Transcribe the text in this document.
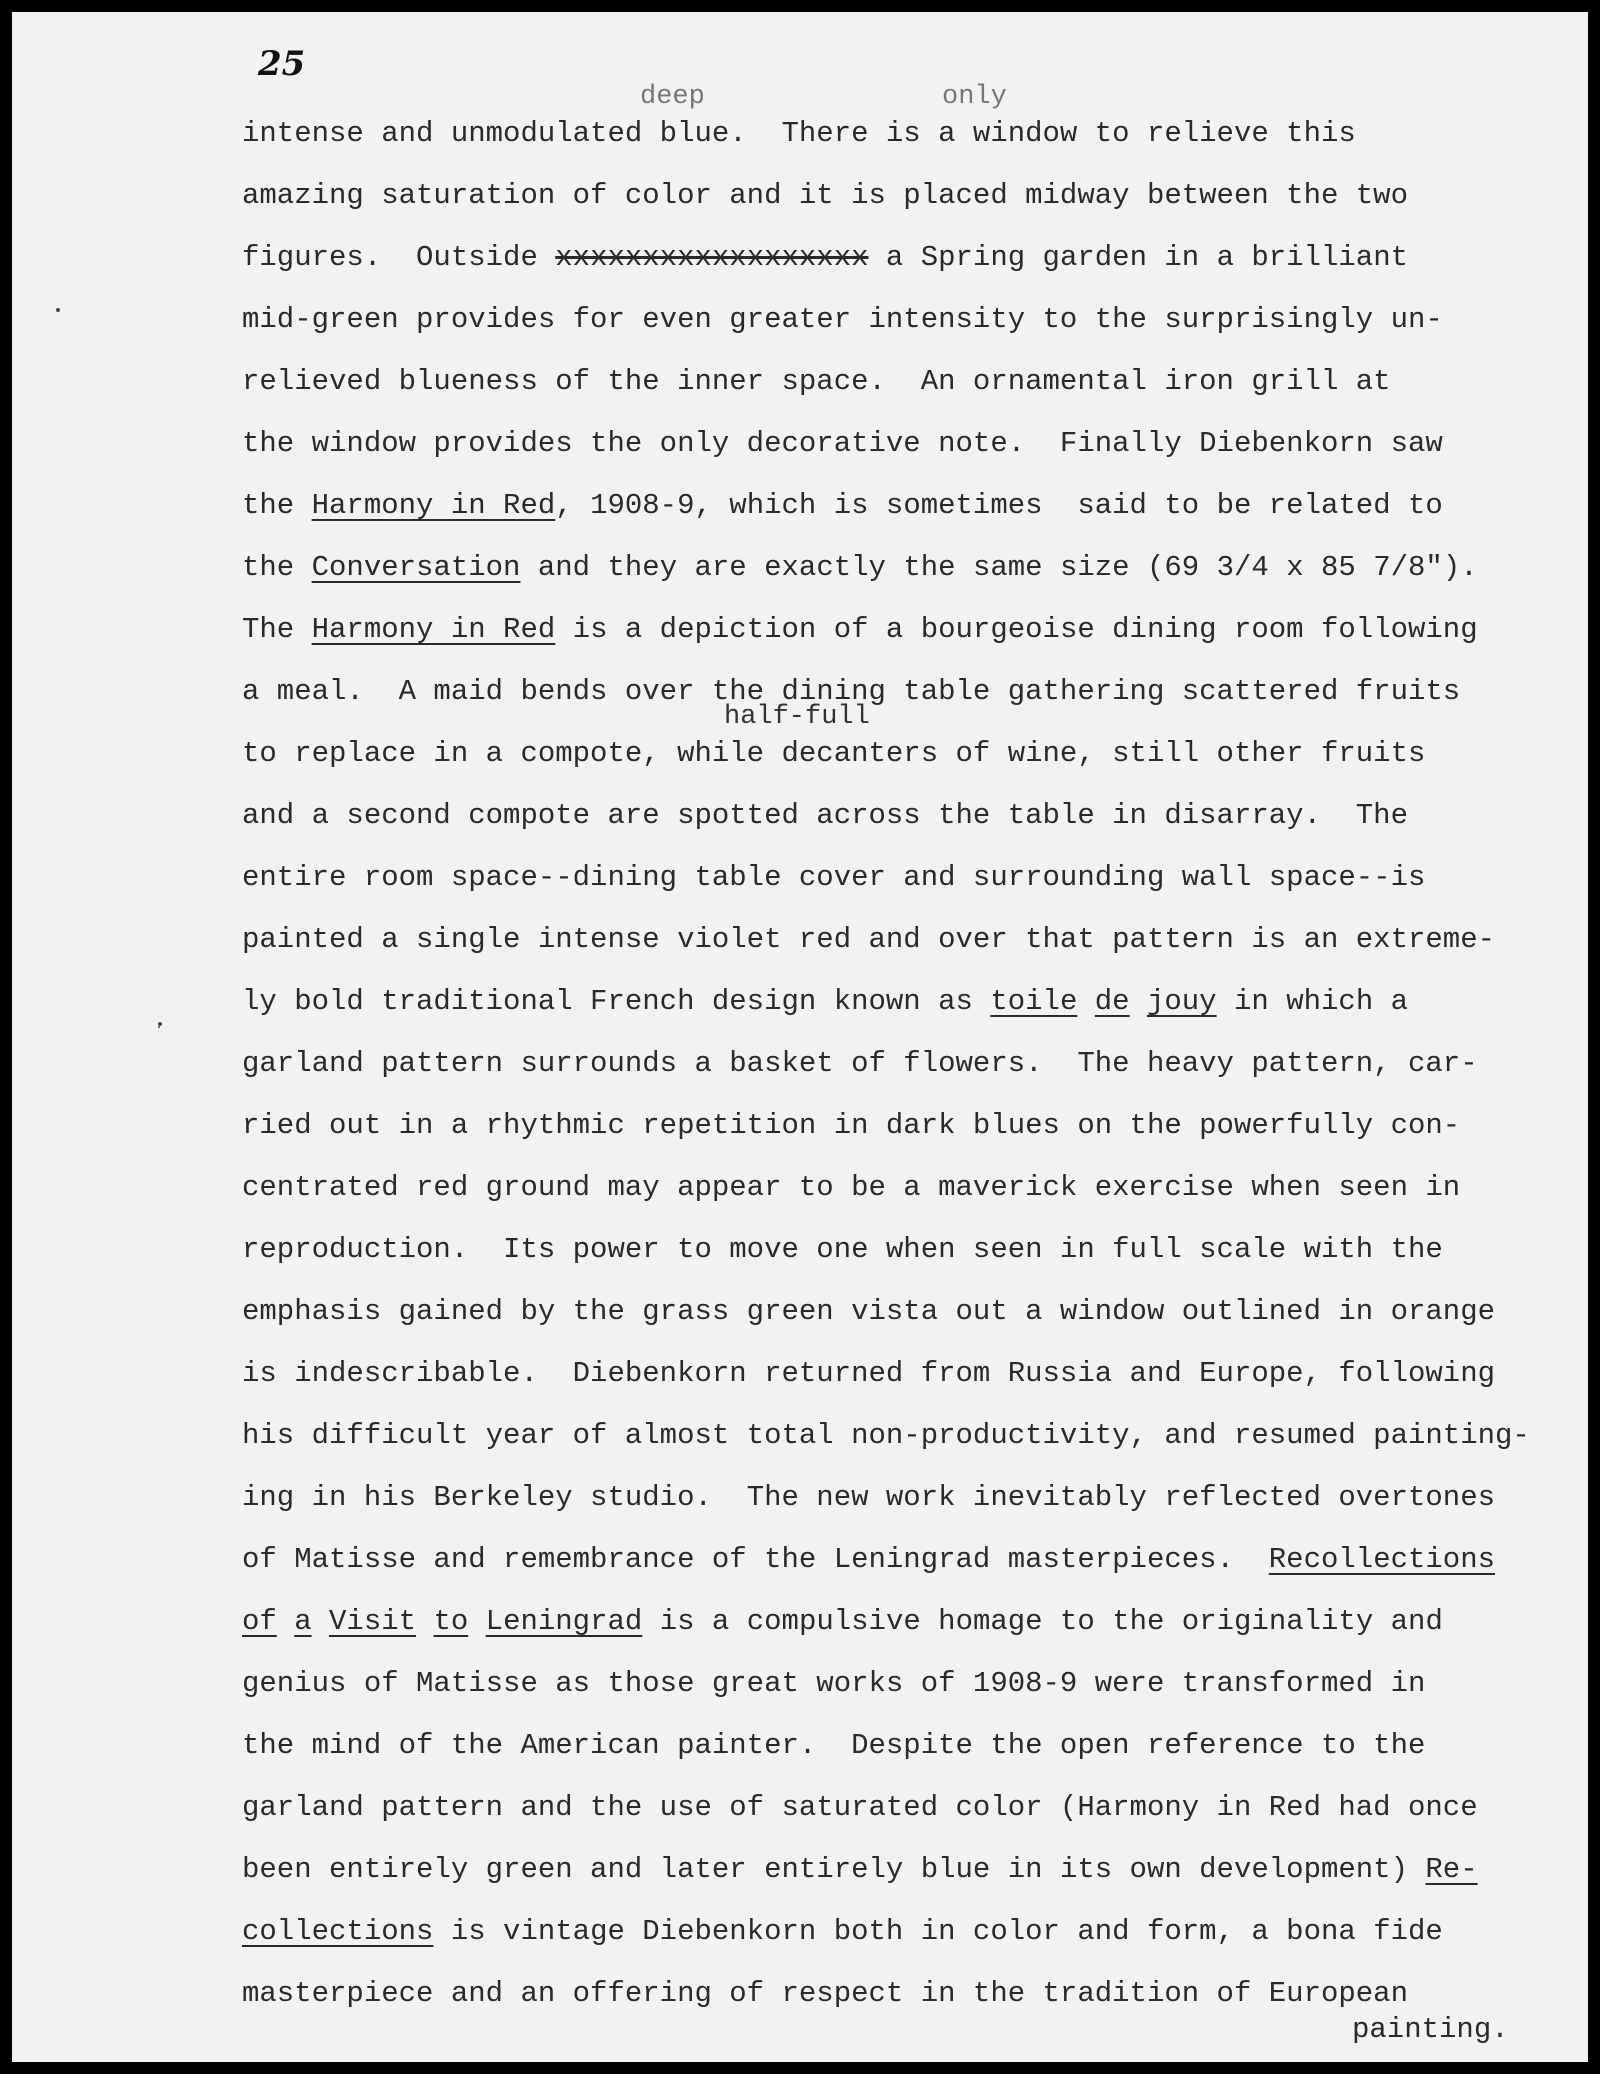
25
deep	only
half-full
intense and unmodulated blue.  There is a window to relieve this
amazing saturation of color and it is placed midway between the two
figures.  Outside xxxxxxxxxxxxxxxxxx a Spring garden in a brilliant
mid-green provides for even greater intensity to the surprisingly un-
relieved blueness of the inner space.  An ornamental iron grill at
the window provides the only decorative note.  Finally Diebenkorn saw
the Harmony in Red, 1908-9, which is sometimes  said to be related to
the Conversation and they are exactly the same size (69 3/4 x 85 7/8").
The Harmony in Red is a depiction of a bourgeoise dining room following
a meal.  A maid bends over the dining table gathering scattered fruits
to replace in a compote, while decanters of wine, still other fruits
and a second compote are spotted across the table in disarray.  The
entire room space--dining table cover and surrounding wall space--is
painted a single intense violet red and over that pattern is an extreme-
ly bold traditional French design known as toile de jouy in which a
garland pattern surrounds a basket of flowers.  The heavy pattern, car-
ried out in a rhythmic repetition in dark blues on the powerfully con-
centrated red ground may appear to be a maverick exercise when seen in
reproduction.  Its power to move one when seen in full scale with the
emphasis gained by the grass green vista out a window outlined in orange
is indescribable.  Diebenkorn returned from Russia and Europe, following
his difficult year of almost total non-productivity, and resumed painting-
ing in his Berkeley studio.  The new work inevitably reflected overtones
of Matisse and remembrance of the Leningrad masterpieces.  Recollections
of a Visit to Leningrad is a compulsive homage to the originality and
genius of Matisse as those great works of 1908-9 were transformed in
the mind of the American painter.  Despite the open reference to the
garland pattern and the use of saturated color (Harmony in Red had once
been entirely green and later entirely blue in its own development) Re-
collections is vintage Diebenkorn both in color and form, a bona fide
masterpiece and an offering of respect in the tradition of European
painting.
